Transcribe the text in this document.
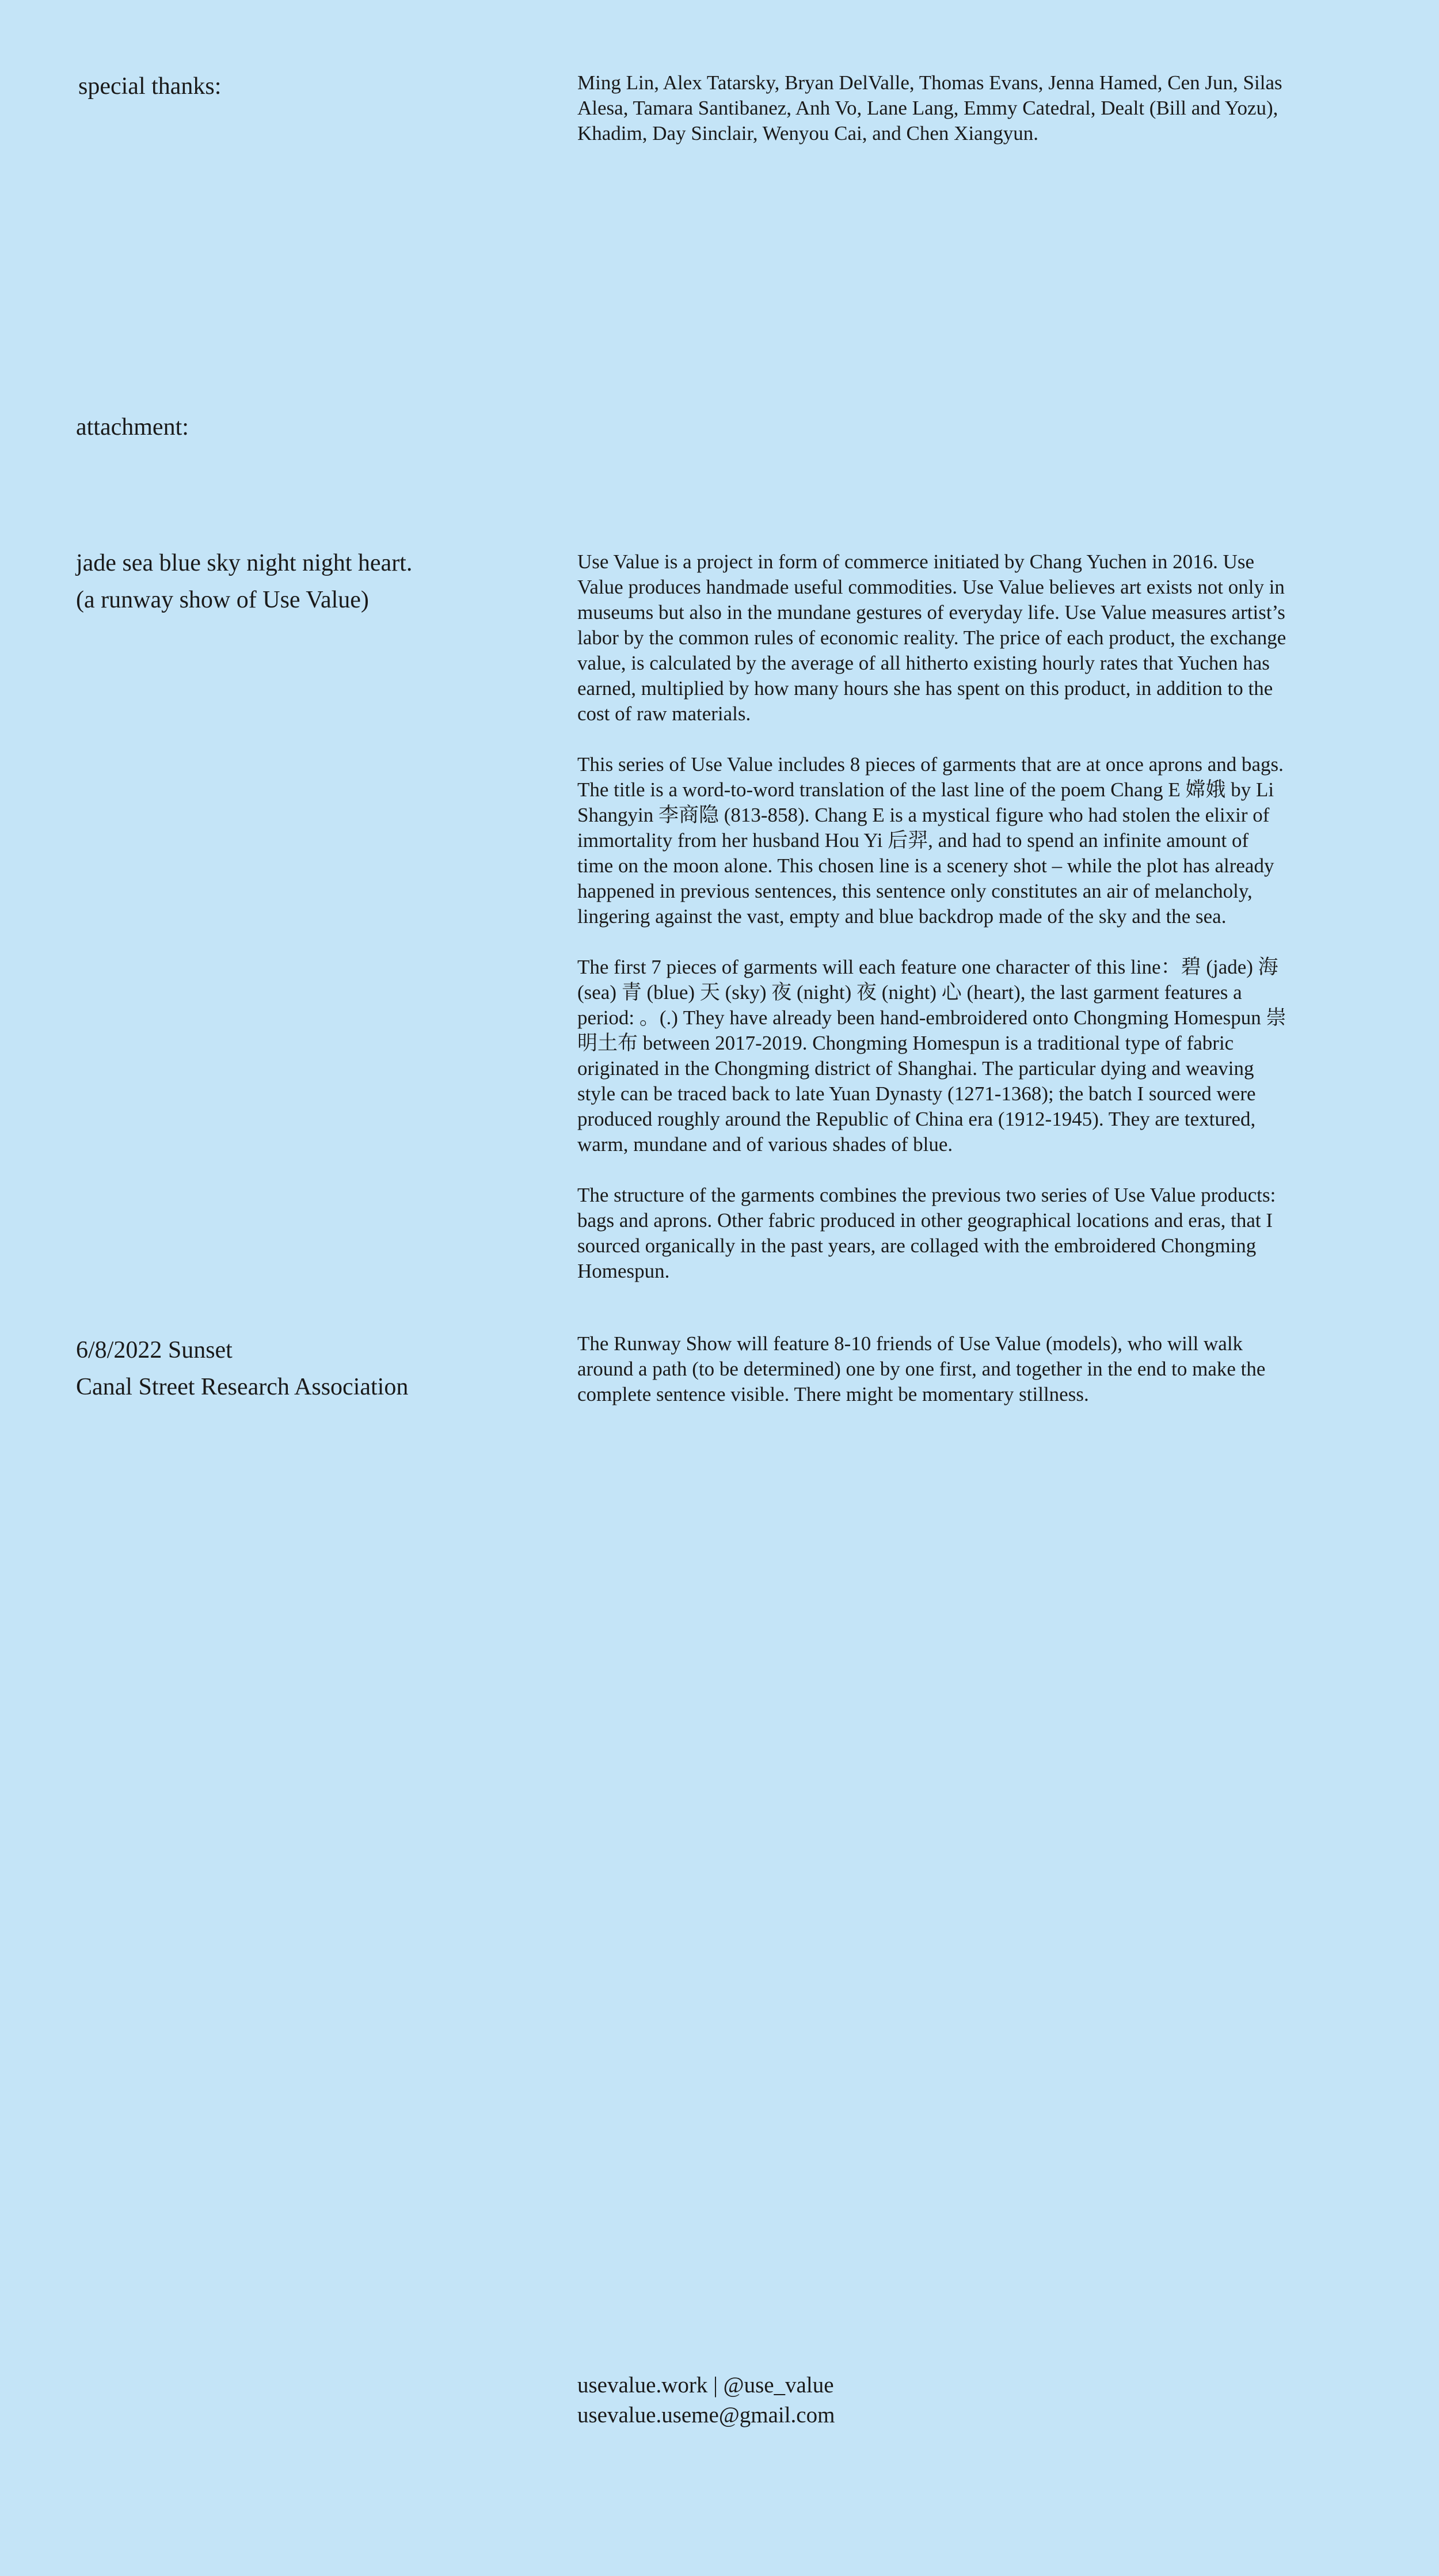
special thanks:	Ming Lin, Alex Tatarsky, Bryan DelValle, Thomas Evans, Jenna Hamed, Cen Jun, Silas Alesa, Tamara Santibanez, Anh Vo, Lane Lang, Emmy Catedral, Dealt (Bill and Yozu), Khadim, Day Sinclair, Wenyou Cai, and Chen Xiangyun.

attachment:

jade sea blue sky night night heart.
(a runway show of Use Value)

Use Value is a project in form of commerce initiated by Chang Yuchen in 2016. Use Value produces handmade useful commodities. Use Value believes art exists not only in museums but also in the mundane gestures of everyday life. Use Value measures artist’s labor by the common rules of economic reality. The price of each product, the exchange value, is calculated by the average of all hitherto existing hourly rates that Yuchen has earned, multiplied by how many hours she has spent on this product, in addition to the cost of raw materials.

This series of Use Value includes 8 pieces of garments that are at once aprons and bags. The title is a word-to-word translation of the last line of the poem Chang E 嫦娥 by Li Shangyin 李商隐 (813-858). Chang E is a mystical figure who had stolen the elixir of immortality from her husband Hou Yi 后羿, and had to spend an infinite amount of time on the moon alone. This chosen line is a scenery shot – while the plot has already happened in previous sentences, this sentence only constitutes an air of melancholy, lingering against the vast, empty and blue backdrop made of the sky and the sea.

The first 7 pieces of garments will each feature one character of this line：碧 (jade) 海 (sea) 青 (blue) 天 (sky) 夜 (night) 夜 (night) 心 (heart), the last garment features a period: 。(.) They have already been hand-embroidered onto Chongming Homespun 崇明土布 between 2017-2019. Chongming Homespun is a traditional type of fabric originated in the Chongming district of Shanghai. The particular dying and weaving style can be traced back to late Yuan Dynasty (1271-1368); the batch I sourced were produced roughly around the Republic of China era (1912-1945). They are textured, warm, mundane and of various shades of blue.

The structure of the garments combines the previous two series of Use Value products: bags and aprons. Other fabric produced in other geographical locations and eras, that I sourced organically in the past years, are collaged with the embroidered Chongming Homespun.

6/8/2022 Sunset
Canal Street Research Association
The Runway Show will feature 8-10 friends of Use Value (models), who will walk around a path (to be determined) one by one first, and together in the end to make the complete sentence visible. There might be momentary stillness.
usevalue.work | @use_value
usevalue.useme@gmail.com
